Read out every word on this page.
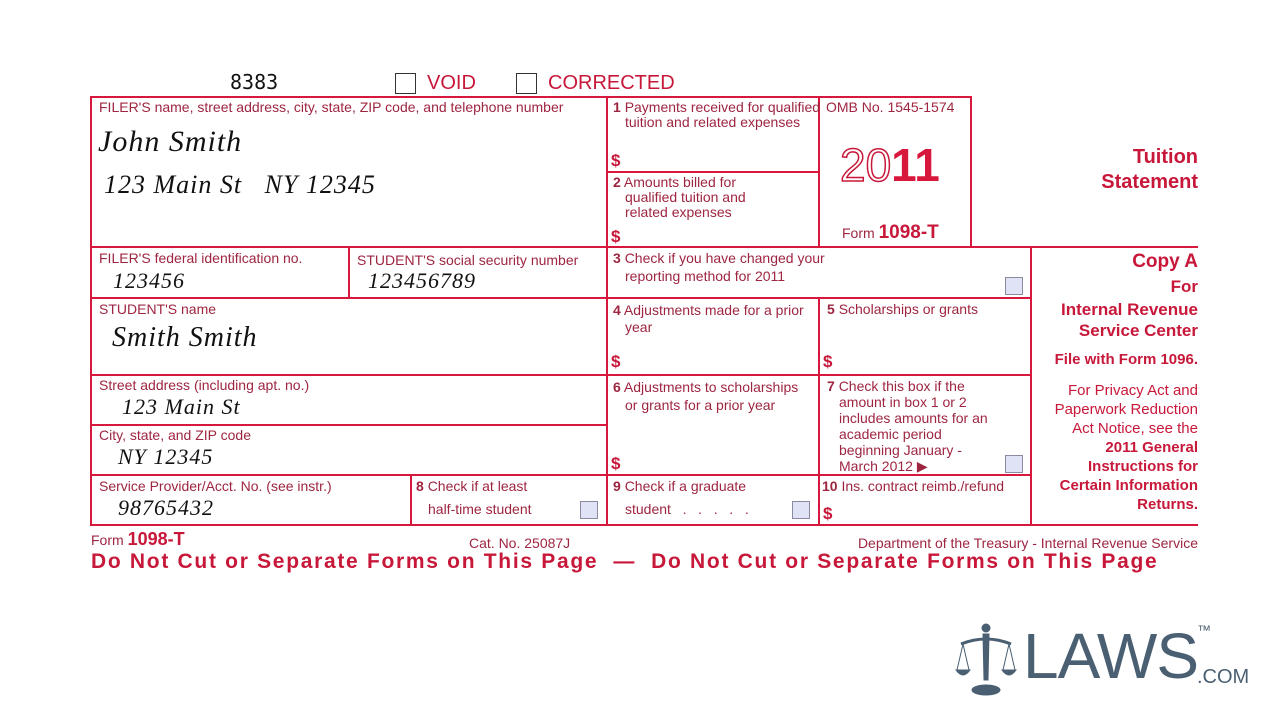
8383	VOID	CORRECTED
FILER'S name, street address, city, state, ZIP code, and telephone number
John Smith
123 Main St   NY 12345
FILER'S federal identification no.
123456
STUDENT'S social security number
123456789
STUDENT'S name
Smith Smith
Street address (including apt. no.)
123 Main St
City, state, and ZIP code
NY 12345
Service Provider/Acct. No. (see instr.)
98765432
8 Check if at least
half-time student
1 Payments received for qualified tuition and related expenses
$
2 Amounts billed for qualified tuition and related expenses
$
OMB No. 1545-1574
2011
Form 1098-T
Tuition
Statement
3 Check if you have changed your
reporting method for 2011
4 Adjustments made for a prior year
$
5 Scholarships or grants
$
6 Adjustments to scholarships or grants for a prior year
$
7 Check this box if the amount in box 1 or 2 includes amounts for an academic period beginning January - March 2012 ▶
9 Check if a graduate
student   .   .   .   .   .
10 Ins. contract reimb./refund
$
Copy A
For
Internal Revenue
Service Center
File with Form 1096.
For Privacy Act and
Paperwork Reduction
Act Notice, see the
2011 General
Instructions for
Certain Information
Returns.
Form 1098-T	Cat. No. 25087J	Department of the Treasury - Internal Revenue Service
Do Not Cut or Separate Forms on This Page — Do Not Cut or Separate Forms on This Page
LAWS ™
.COM
